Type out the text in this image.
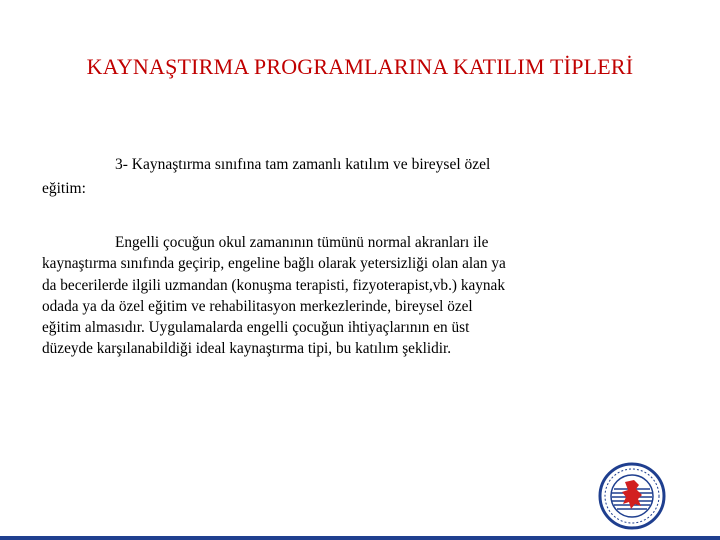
KAYNAŞTIRMA PROGRAMLARINA KATILIM TİPLERİ
3- Kaynaştırma sınıfına tam zamanlı katılım ve bireysel özel
eğitim:
Engelli çocuğun okul zamanının tümünü normal akranları ile
kaynaştırma sınıfında geçirip, engeline bağlı olarak yetersizliği olan alan ya
da becerilerde ilgili uzmandan (konuşma terapisti, fizyoterapist,vb.) kaynak
odada ya da özel eğitim ve rehabilitasyon merkezlerinde, bireysel özel
eğitim almasıdır. Uygulamalarda engelli çocuğun ihtiyaçlarının en üst
düzeyde karşılanabildiği ideal kaynaştırma tipi, bu katılım şeklidir.
